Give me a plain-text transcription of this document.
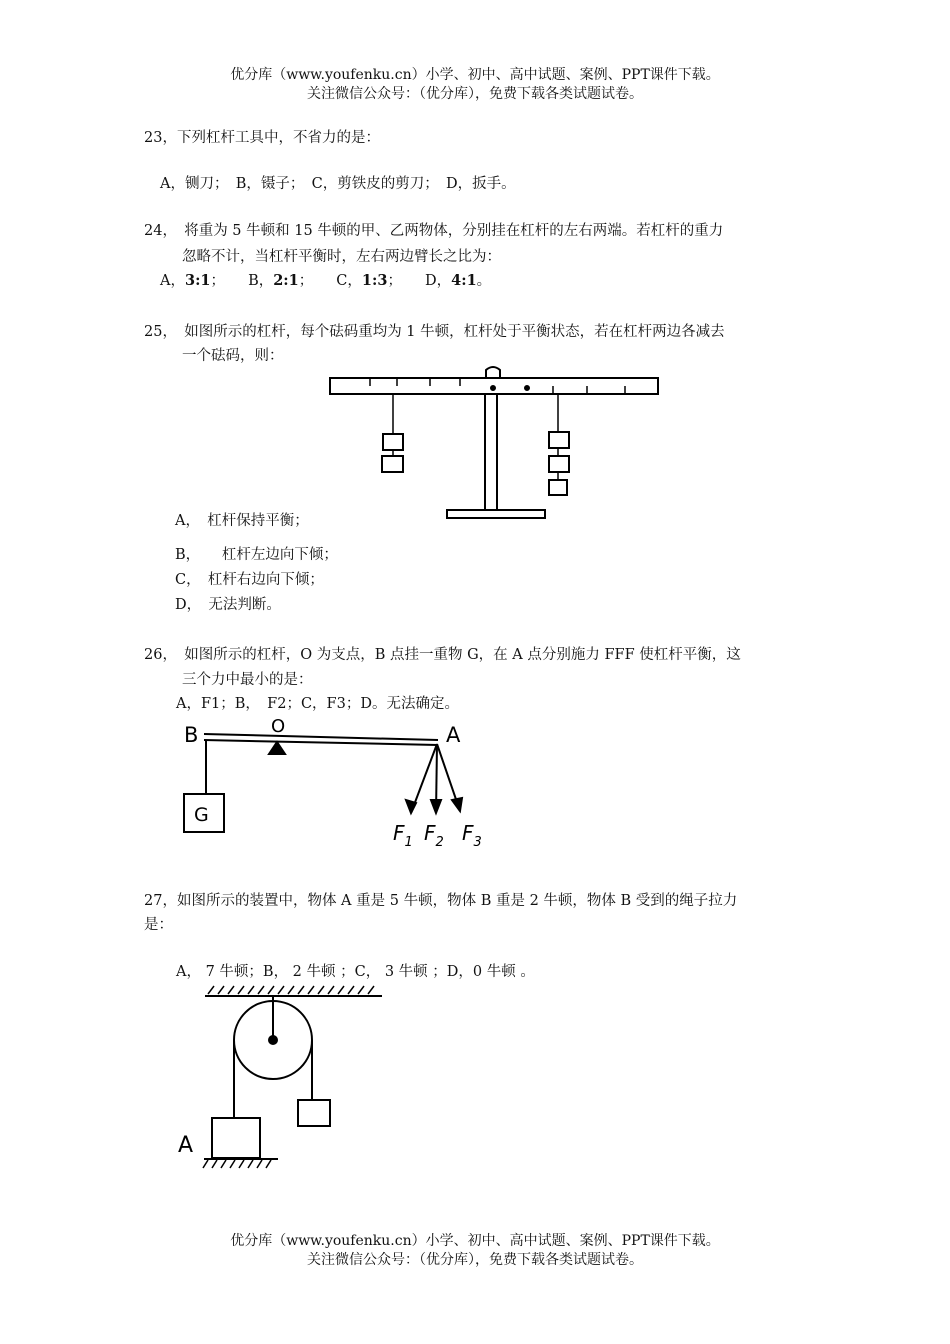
优分库（www.youfenku.cn）小学、初中、高中试题、案例、PPT课件下载。
关注微信公众号：（优分库），免费下载各类试题试卷。
23，下列杠杆工具中，不省力的是：
A，铡刀；　B，镊子；　C，剪铁皮的剪刀；　D，扳手。
24，　将重为 5 牛顿和 15 牛顿的甲、乙两物体，分别挂在杠杆的左右两端。若杠杆的重力
忽略不计，当杠杆平衡时，左右两边臂长之比为：
A，3:1； B，2:1； C，1:3； D，4:1。
25，　如图所示的杠杆，每个砝码重均为 1 牛顿，杠杆处于平衡状态，若在杠杆两边各减去
一个砝码，则：
A，　杠杆保持平衡；
B，　　杠杆左边向下倾；
C，　杠杆右边向下倾；
D，　无法判断。
26，　如图所示的杠杆，O 为支点，B 点挂一重物 G，在 A 点分别施力 FFF 使杠杆平衡，这
三个力中最小的是：
A，F1；B，　F2；C，F3；D。无法确定。
B	O	A
G
$F_1$ $F_2$ $F_3$
27，如图所示的装置中，物体 A 重是 5 牛顿，物体 B 重是 2 牛顿，物体 B 受到的绳子拉力
是：
A， 7 牛顿；B， 2 牛顿 ；C， 3 牛顿 ；D，0 牛顿 。
A
优分库（www.youfenku.cn）小学、初中、高中试题、案例、PPT课件下载。
关注微信公众号：（优分库），免费下载各类试题试卷。
